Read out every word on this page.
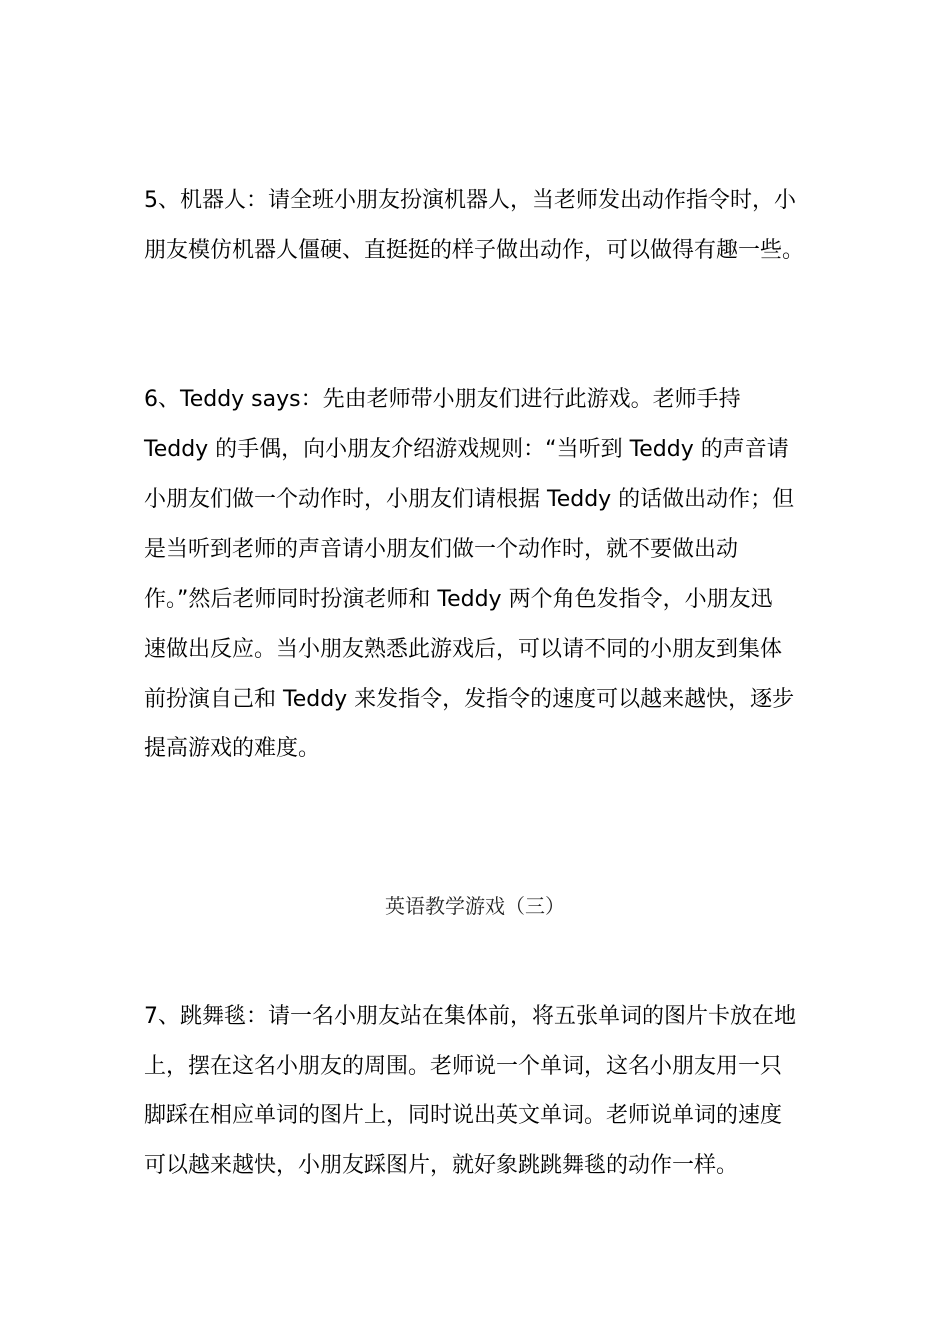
5、机器人：请全班小朋友扮演机器人，当老师发出动作指令时，小
朋友模仿机器人僵硬、直挺挺的样子做出动作，可以做得有趣一些。
6、Teddy says：先由老师带小朋友们进行此游戏。老师手持
Teddy 的手偶，向小朋友介绍游戏规则：“当听到 Teddy 的声音请
小朋友们做一个动作时，小朋友们请根据 Teddy 的话做出动作；但
是当听到老师的声音请小朋友们做一个动作时，就不要做出动
作。”然后老师同时扮演老师和 Teddy 两个角色发指令，小朋友迅
速做出反应。当小朋友熟悉此游戏后，可以请不同的小朋友到集体
前扮演自己和 Teddy 来发指令，发指令的速度可以越来越快，逐步
提高游戏的难度。
英语教学游戏（三）
7、跳舞毯：请一名小朋友站在集体前，将五张单词的图片卡放在地
上，摆在这名小朋友的周围。老师说一个单词，这名小朋友用一只
脚踩在相应单词的图片上，同时说出英文单词。老师说单词的速度
可以越来越快，小朋友踩图片，就好象跳跳舞毯的动作一样。
